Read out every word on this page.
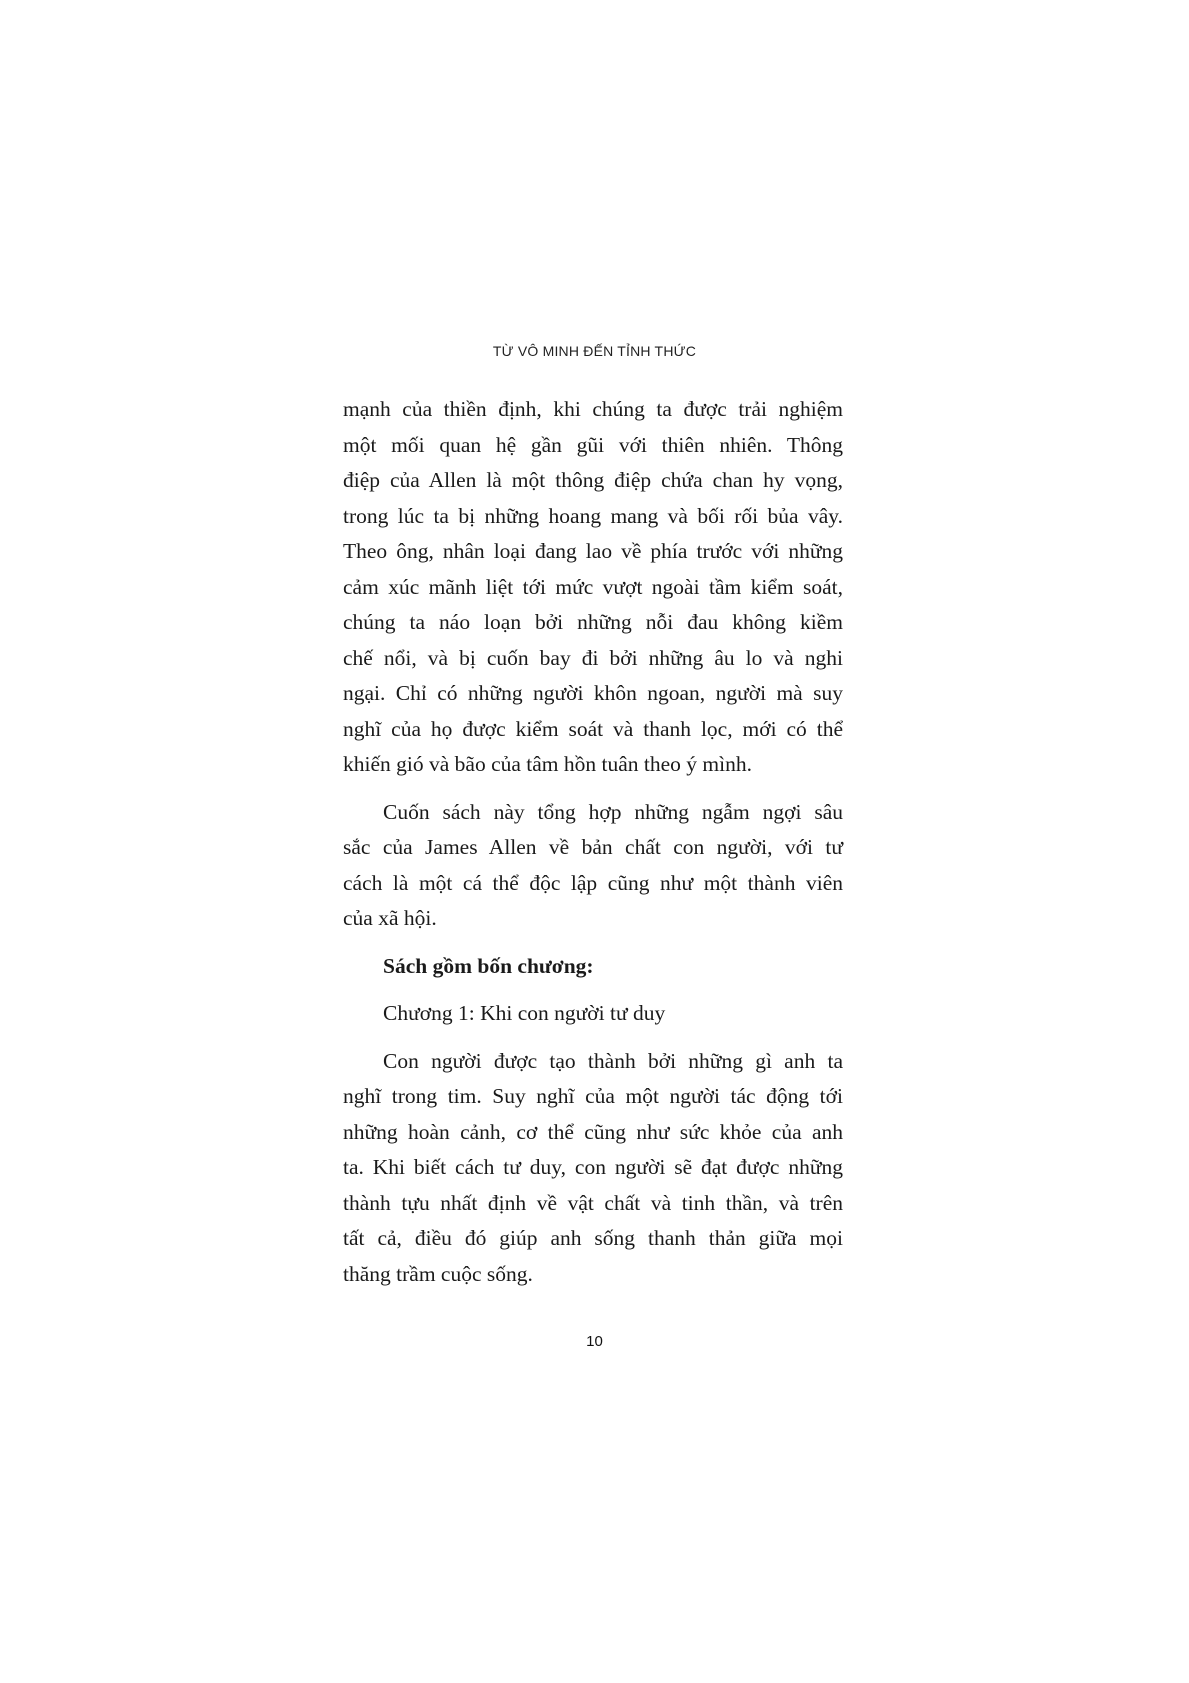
TỪ VÔ MINH ĐẾN TỈNH THỨC
mạnh của thiền định, khi chúng ta được trải nghiệm
một mối quan hệ gần gũi với thiên nhiên. Thông
điệp của Allen là một thông điệp chứa chan hy vọng,
trong lúc ta bị những hoang mang và bối rối bủa vây.
Theo ông, nhân loại đang lao về phía trước với những
cảm xúc mãnh liệt tới mức vượt ngoài tầm kiểm soát,
chúng ta náo loạn bởi những nỗi đau không kiềm
chế nổi, và bị cuốn bay đi bởi những âu lo và nghi
ngại. Chỉ có những người khôn ngoan, người mà suy
nghĩ của họ được kiểm soát và thanh lọc, mới có thể
khiến gió và bão của tâm hồn tuân theo ý mình.
Cuốn sách này tổng hợp những ngẫm ngợi sâu
sắc của James Allen về bản chất con người, với tư
cách là một cá thể độc lập cũng như một thành viên
của xã hội.
Sách gồm bốn chương:
Chương 1: Khi con người tư duy
Con người được tạo thành bởi những gì anh ta
nghĩ trong tim. Suy nghĩ của một người tác động tới
những hoàn cảnh, cơ thể cũng như sức khỏe của anh
ta. Khi biết cách tư duy, con người sẽ đạt được những
thành tựu nhất định về vật chất và tinh thần, và trên
tất cả, điều đó giúp anh sống thanh thản giữa mọi
thăng trầm cuộc sống.
10
